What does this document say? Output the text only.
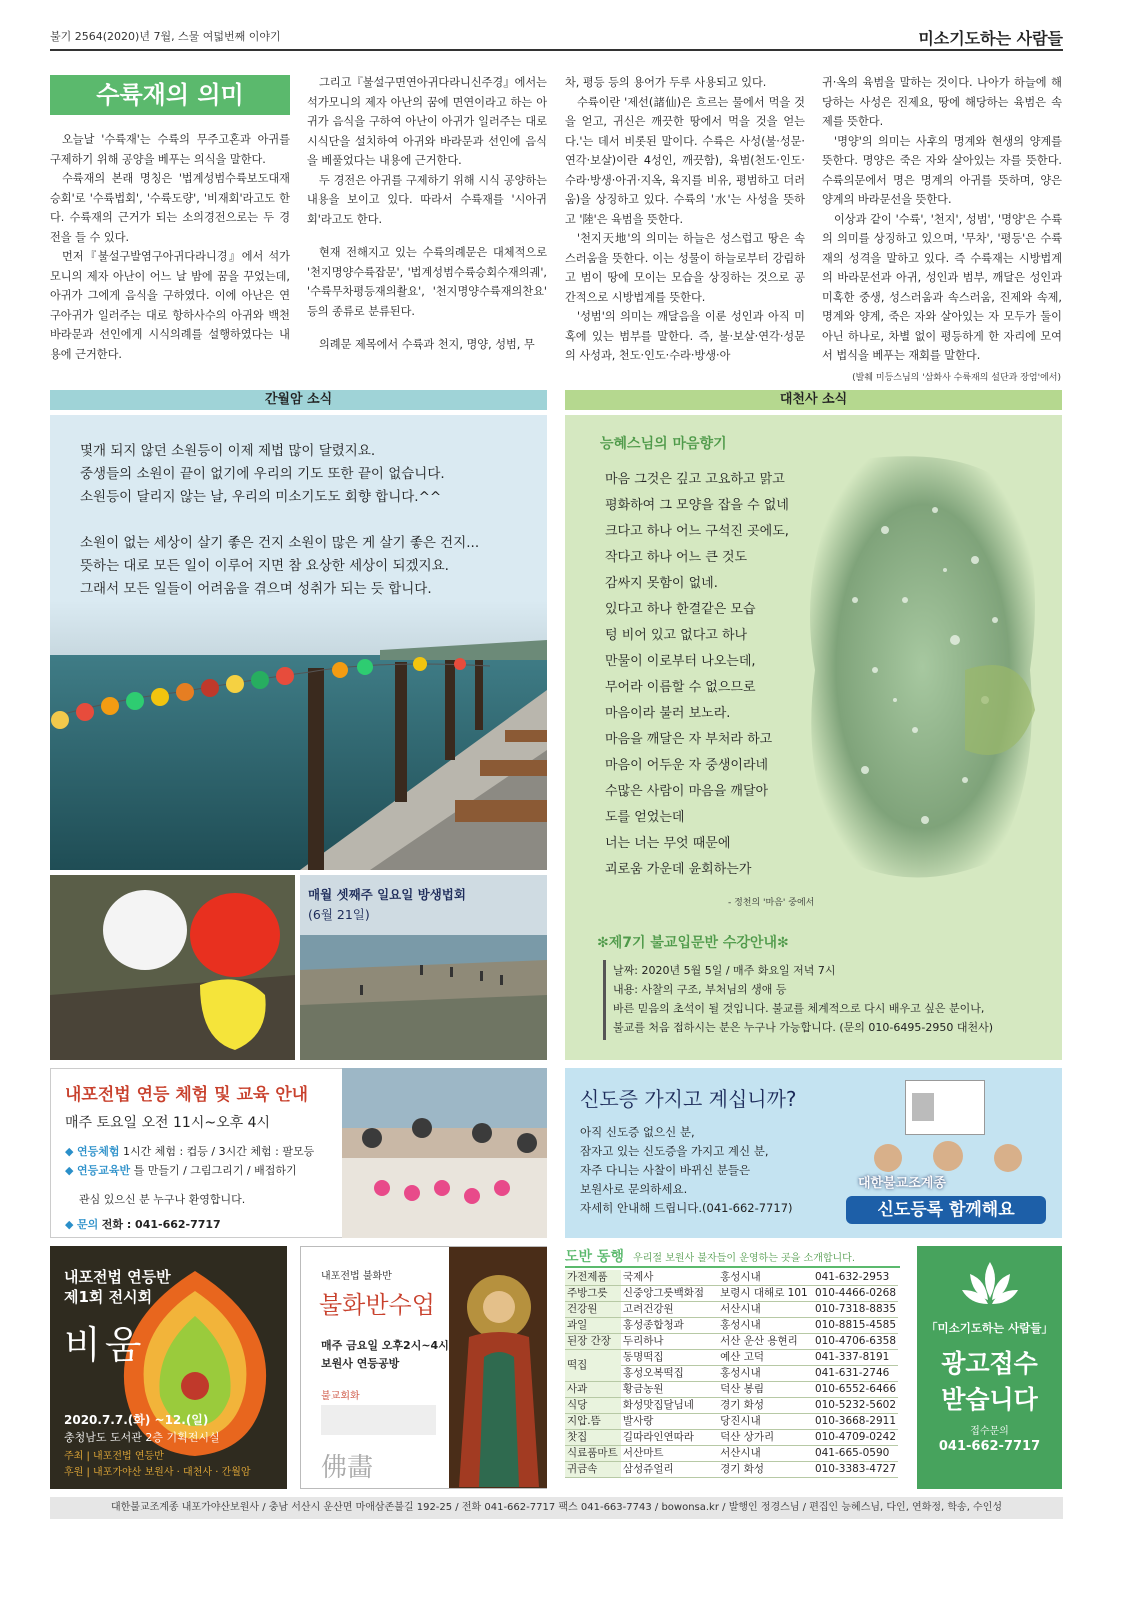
불기 2564(2020)년 7월, 스물 여덟번째 이야기	미소기도하는 사람들
수륙재의 의미

오늘날 '수륙재'는 수륙의 무주고혼과 아귀를 구제하기 위해 공양을 베푸는 의식을 말한다.

수륙재의 본래 명칭은 '법계성범수륙보도대재승회'로 '수륙법회', '수륙도량', '비재회'라고도 한다. 수륙재의 근거가 되는 소의경전으로는 두 경전을 들 수 있다.

먼저『불설구발염구아귀다라니경』에서 석가모니의 제자 아난이 어느 날 밤에 꿈을 꾸었는데, 아귀가 그에게 음식을 구하였다. 이에 아난은 연구아귀가 일러주는 대로 항하사수의 아귀와 백천 바라문과 선인에게 시식의례를 설행하였다는 내용에 근거한다.

그리고『불설구면연아귀다라니신주경』에서는 석가모니의 제자 아난의 꿈에 면연이라고 하는 아귀가 음식을 구하여 아난이 아귀가 일러주는 대로 시식단을 설치하여 아귀와 바라문과 선인에 음식을 베풀었다는 내용에 근거한다.

두 경전은 아귀를 구제하기 위해 시식 공양하는 내용을 보이고 있다. 따라서 수륙재를 '시아귀회'라고도 한다.

현재 전해지고 있는 수륙의례문은 대체적으로 '천지명양수륙잡문', '법계성범수륙승회수재의궤', '수륙무차평등재의촬요', '천지명양수륙재의찬요' 등의 종류로 분류된다.

의례문 제목에서 수륙과 천지, 명양, 성범, 무

차, 평등 등의 용어가 두루 사용되고 있다.

수륙이란 '제선(諸仙)은 흐르는 물에서 먹을 것을 얻고, 귀신은 깨끗한 땅에서 먹을 것을 얻는다.'는 데서 비롯된 말이다. 수륙은 사성(불·성문·연각·보살)이란 4성인, 깨끗함), 육범(천도·인도·수라·방생·아귀·지옥, 육지를 비유, 평범하고 더러움)을 상징하고 있다. 수륙의 '水'는 사성을 뜻하고 '陸'은 육범을 뜻한다.

'천지天地'의 의미는 하늘은 성스럽고 땅은 속스러움을 뜻한다. 이는 성물이 하늘로부터 강림하고 범이 땅에 모이는 모습을 상징하는 것으로 공간적으로 시방법계를 뜻한다.

'성범'의 의미는 깨달음을 이룬 성인과 아직 미혹에 있는 범부를 말한다. 즉, 불·보살·연각·성문의 사성과, 천도·인도·수라·방생·아

귀·옥의 육범을 말하는 것이다. 나아가 하늘에 해당하는 사성은 진제요, 땅에 해당하는 육범은 속제를 뜻한다.

'명양'의 의미는 사후의 명계와 현생의 양계를 뜻한다. 명양은 죽은 자와 살아있는 자를 뜻한다. 수륙의문에서 명은 명계의 아귀를 뜻하며, 양은 양계의 바라문선을 뜻한다.

이상과 같이 '수륙', '천지', 성범', '명양'은 수륙의 의미를 상징하고 있으며, '무차', '평등'은 수륙재의 성격을 말하고 있다. 즉 수륙재는 시방법계의 바라문선과 아귀, 성인과 범부, 깨달은 성인과 미혹한 중생, 성스러움과 속스러움, 진제와 속제, 명계와 양계, 죽은 자와 살아있는 자 모두가 둘이 아닌 하나로, 차별 없이 평등하게 한 자리에 모여서 법식을 베푸는 재회를 말한다.

(발췌 미등스님의 '삼화사 수륙재의 설단과 장엄'에서)
간월암 소식
몇개 되지 않던 소원등이 이제 제법 많이 달렸지요.
중생들의 소원이 끝이 없기에 우리의 기도 또한 끝이 없습니다.
소원등이 달리지 않는 날, 우리의 미소기도도 회향 합니다.^^
소원이 없는 세상이 살기 좋은 건지 소원이 많은 게 살기 좋은 건지...
뜻하는 대로 모든 일이 이루어 지면 참 요상한 세상이 되겠지요.
그래서 모든 일들이 어려움을 겪으며 성취가 되는 듯 합니다.
매월 셋째주 일요일 방생법회
(6월 21일)
대천사 소식
능혜스님의 마음향기
마음 그것은 깊고 고요하고 맑고
평화하여 그 모양을 잡을 수 없네
크다고 하나 어느 구석진 곳에도,
작다고 하나 어느 큰 것도
감싸지 못함이 없네.
있다고 하나 한결같은 모습
텅 비어 있고 없다고 하나
만물이 이로부터 나오는데,
무어라 이름할 수 없으므로
마음이라 불러 보노라.
마음을 깨달은 자 부처라 하고
마음이 어두운 자 중생이라네
수많은 사람이 마음을 깨달아
도를 얻었는데
너는 너는 무엇 때문에
괴로움 가운데 윤회하는가
- 정천의 '마음' 중에서
✻제7기 불교입문반 수강안내✻
날짜: 2020년 5월 5일 / 매주 화요일 저녁 7시
내용: 사찰의 구조, 부처님의 생애 등
바른 믿음의 초석이 될 것입니다. 불교를 체계적으로 다시 배우고 싶은 분이나,
불교를 처음 접하시는 분은 누구나 가능합니다. (문의 010-6495-2950 대천사)
내포전법 연등 체험 및 교육 안내
매주 토요일 오전 11시~오후 4시
◆ 연등체험 1시간 체험 : 컵등 / 3시간 체험 : 팔모등
◆ 연등교육반 틀 만들기 / 그림그리기 / 배접하기
관심 있으신 분 누구나 환영합니다.
◆ 문의 전화 : 041-662-7717
신도증 가지고 계십니까?
아직 신도증 없으신 분,
잠자고 있는 신도증을 가지고 계신 분,
자주 다니는 사찰이 바뀌신 분들은
보원사로 문의하세요.
자세히 안내해 드립니다.(041-662-7717)
대한불교조계종
신도등록 함께해요
내포전법 연등반
제1회 전시회
비움
2020.7.7.(화) ~12.(일)
충청남도 도서관 2층 기획전시실
주최 | 내포전법 연등반
후원 | 내포가야산 보원사 · 대천사 · 간월암
내포전법 불화반
불화반수업
매주 금요일 오후2시~4시
보원사 연등공방
불교회화
佛畵
도반 동행 우리절 보원사 불자들이 운영하는 곳을 소개합니다.
가전제품	국제사	홍성시내	041-632-2953
주방그릇	신중앙그릇백화점	보령시 대해로 101	010-4466-0268
건강원	고려건강원	서산시내	010-7318-8835
과일	홍성종합청과	홍성시내	010-8815-4585
된장 간장	두리하나	서산 운산 용현리	010-4706-6358
떡집	동명떡집	예산 고덕	041-337-8191
	홍성오복떡집	홍성시내	041-631-2746
사과	황금농원	덕산 봉림	010-6552-6466
식당	화성맛집달님네	경기 화성	010-5232-5602
지압.뜸	발사랑	당진시내	010-3668-2911
찻집	길따라인연따라	덕산 상가리	010-4709-0242
식료품마트	서산마트	서산시내	041-665-0590
귀금속	삼성쥬얼리	경기 화성	010-3383-4727
「미소기도하는 사람들」
광고접수
받습니다
접수문의
041-662-7717
대한불교조계종 내포가야산보원사 / 충남 서산시 운산면 마애삼존불길 192-25 / 전화 041-662-7717 팩스 041-663-7743 / bowonsa.kr / 발행인 정경스님 / 편집인 능혜스님, 다인, 연화정, 학송, 수인성
